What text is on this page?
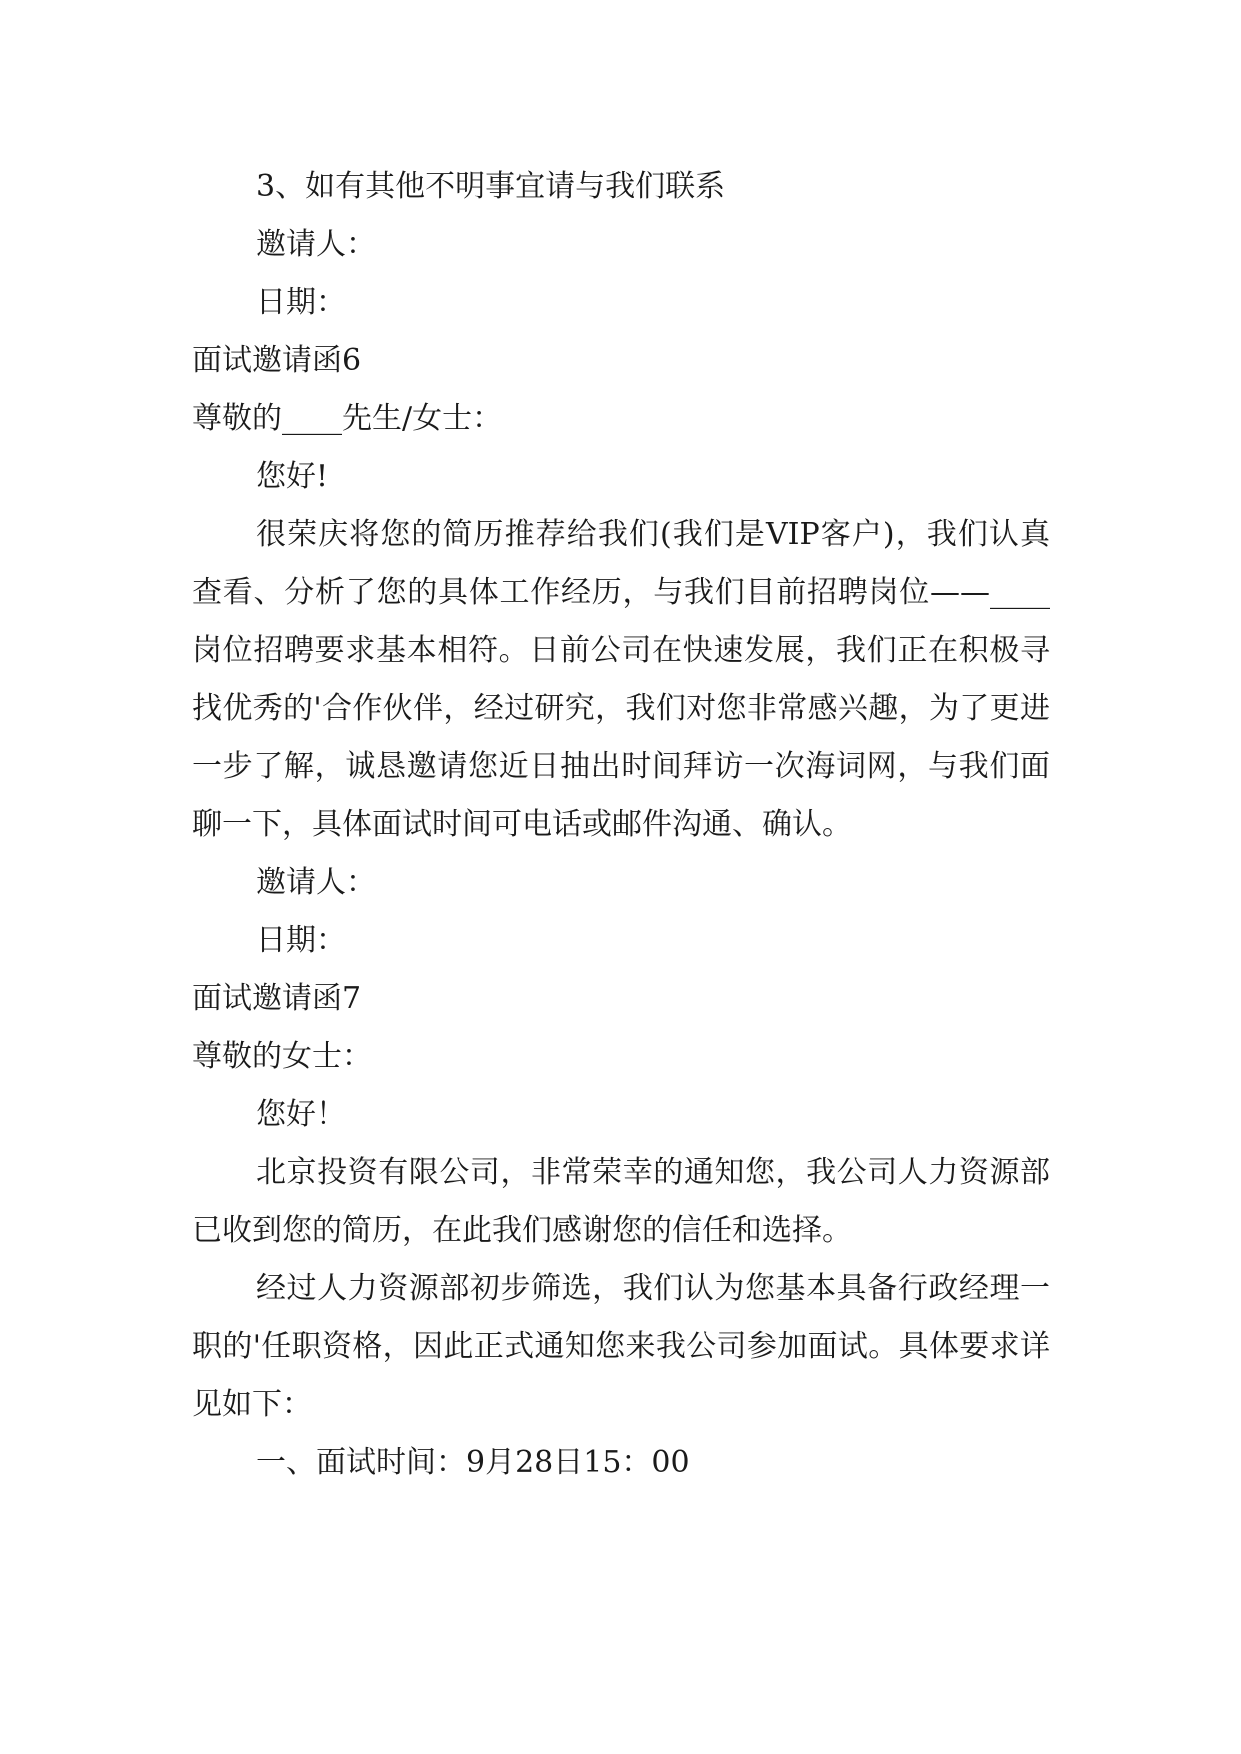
3、如有其他不明事宜请与我们联系
邀请人：
日期：
面试邀请函6
尊敬的____先生/女士：
您好!

很荣庆将您的简历推荐给我们(我们是VIP客户)，我们认真查看、分析了您的具体工作经历，与我们目前招聘岗位——____岗位招聘要求基本相符。日前公司在快速发展，我们正在积极寻找优秀的'合作伙伴，经过研究，我们对您非常感兴趣，为了更进一步了解，诚恳邀请您近日抽出时间拜访一次海词网，与我们面聊一下，具体面试时间可电话或邮件沟通、确认。

邀请人：
日期：
面试邀请函7
尊敬的女士：
您好！

北京投资有限公司，非常荣幸的通知您，我公司人力资源部已收到您的简历，在此我们感谢您的信任和选择。

经过人力资源部初步筛选，我们认为您基本具备行政经理一职的'任职资格，因此正式通知您来我公司参加面试。具体要求详见如下：

一、面试时间：9月28日15：00
